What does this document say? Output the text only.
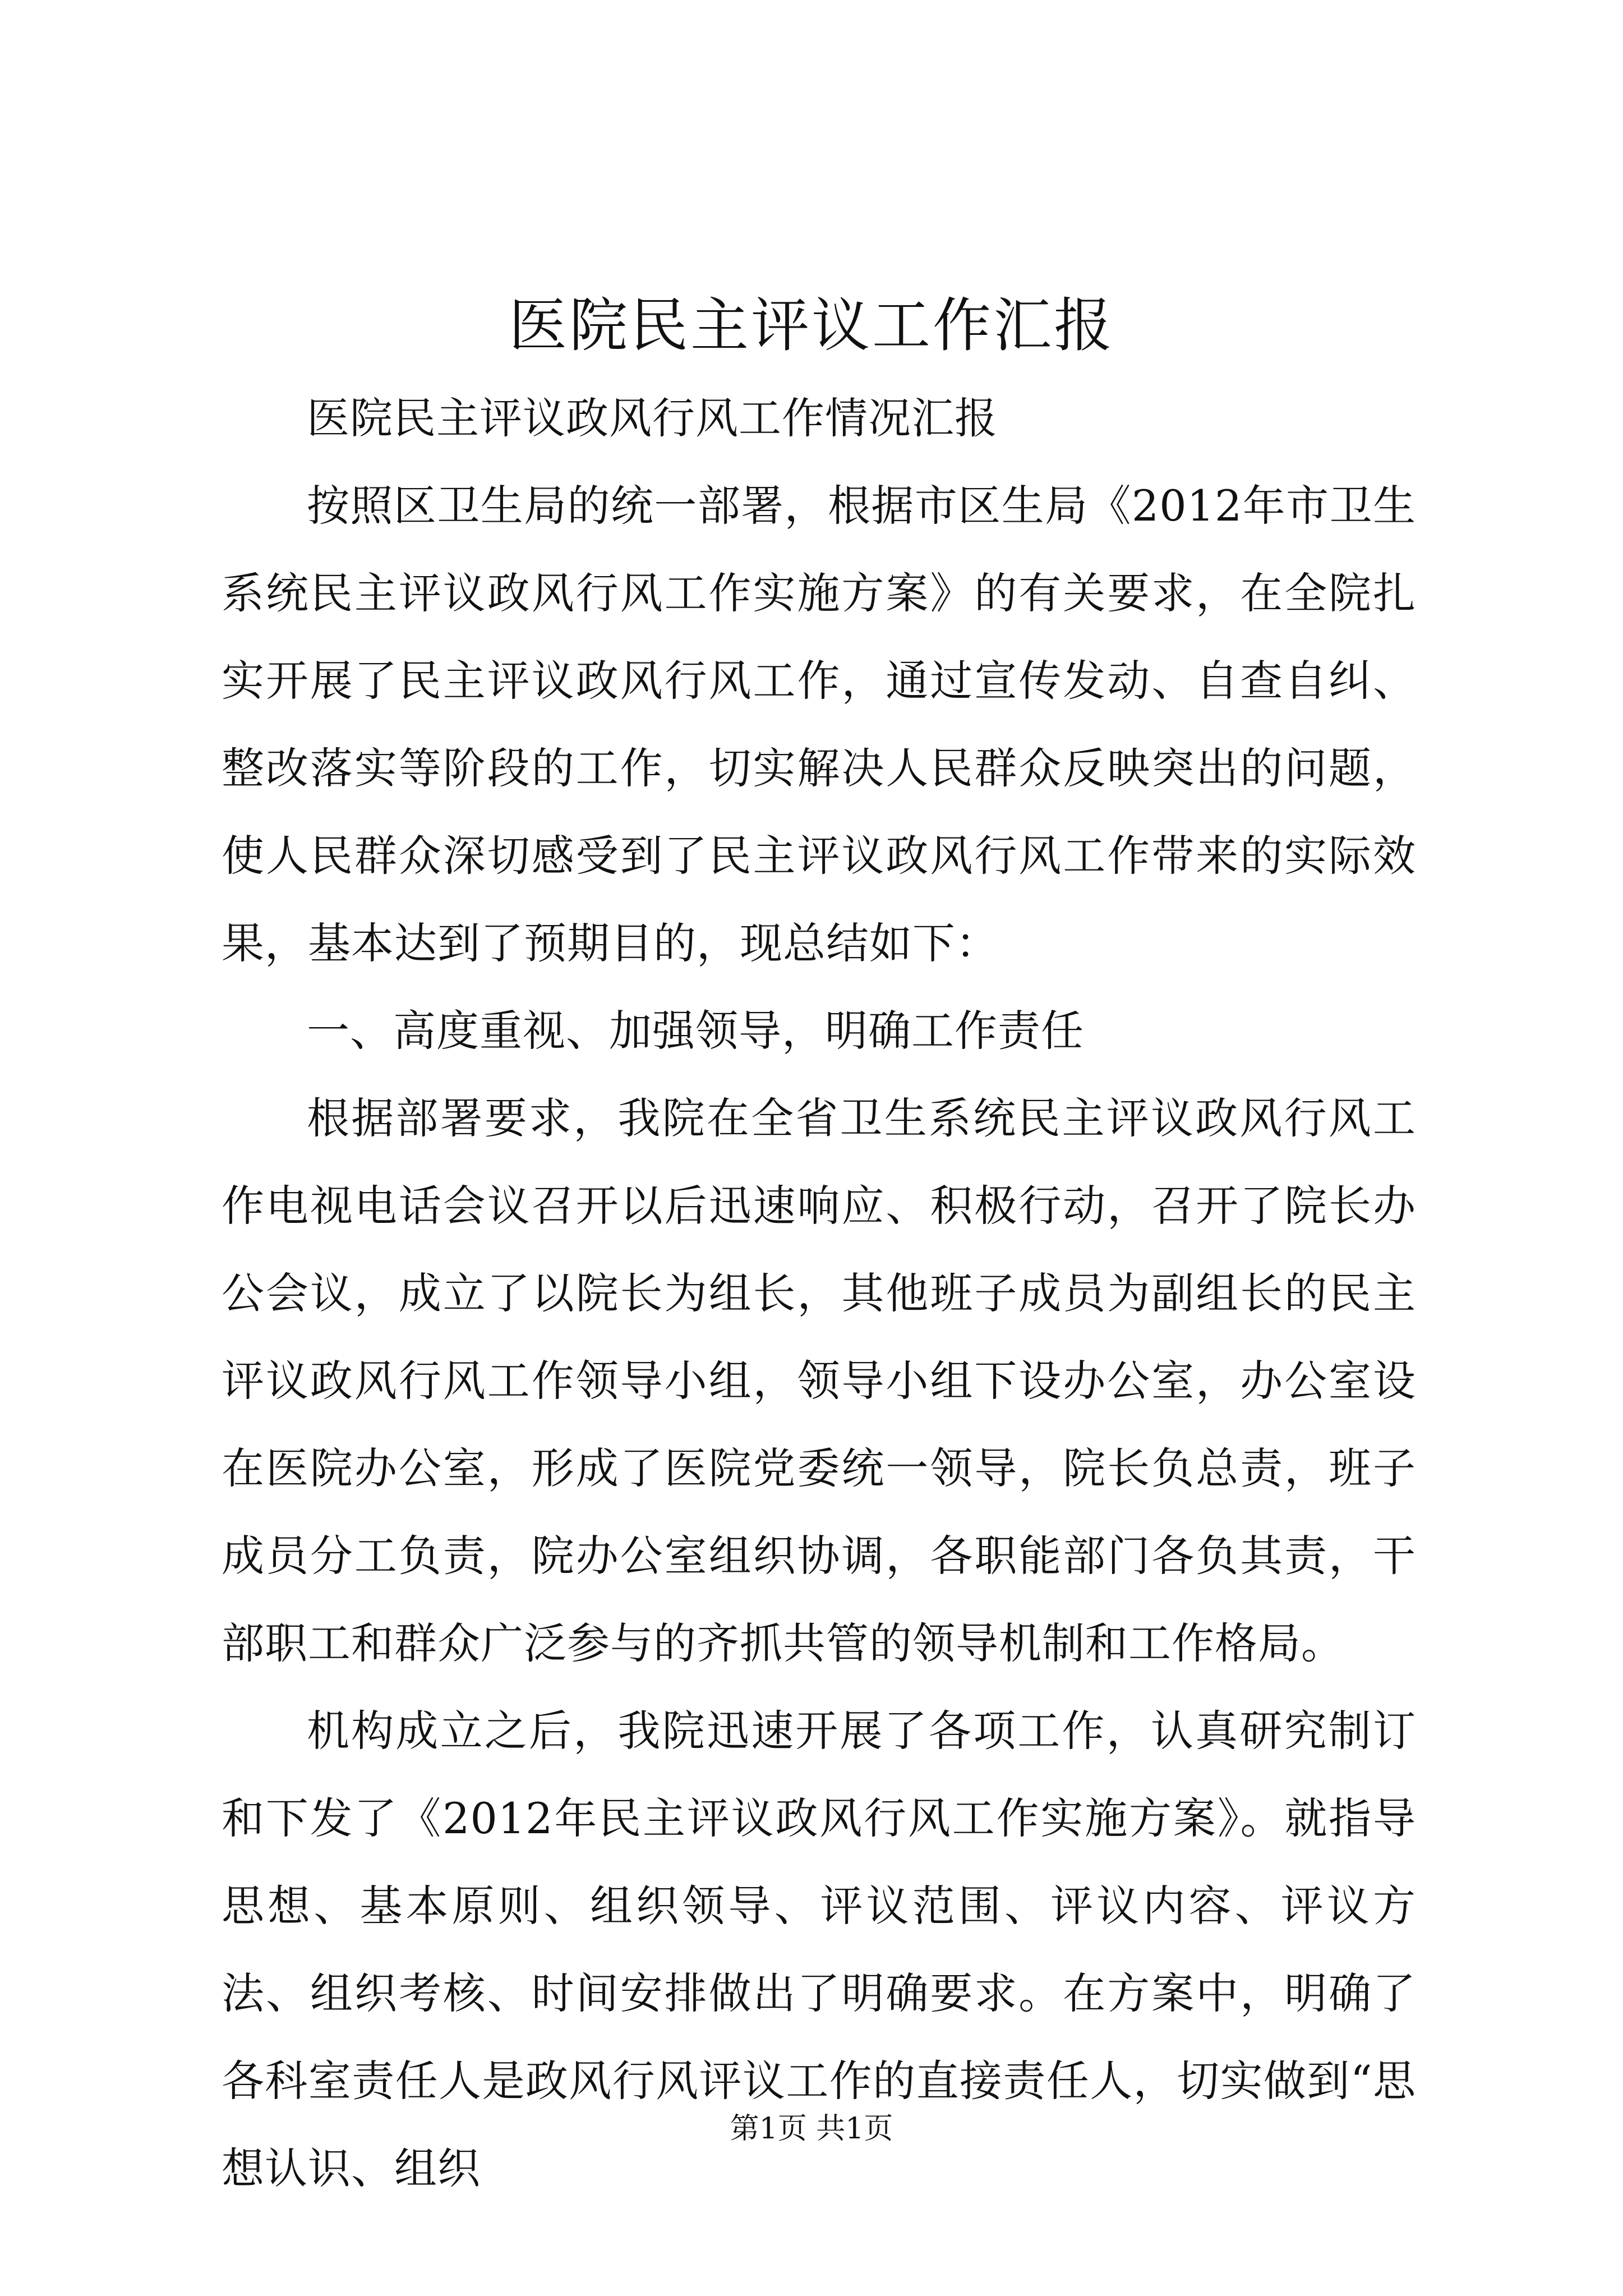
医院民主评议工作汇报

医院民主评议政风行风工作情况汇报

按照区卫生局的统一部署，根据市区生局《2012年市卫生系统民主评议政风行风工作实施方案》的有关要求，在全院扎实开展了民主评议政风行风工作，通过宣传发动、自查自纠、整改落实等阶段的工作，切实解决人民群众反映突出的问题，使人民群众深切感受到了民主评议政风行风工作带来的实际效果，基本达到了预期目的，现总结如下：

一、高度重视、加强领导，明确工作责任

根据部署要求，我院在全省卫生系统民主评议政风行风工作电视电话会议召开以后迅速响应、积极行动，召开了院长办公会议，成立了以院长为组长，其他班子成员为副组长的民主评议政风行风工作领导小组，领导小组下设办公室，办公室设在医院办公室，形成了医院党委统一领导，院长负总责，班子成员分工负责，院办公室组织协调，各职能部门各负其责，干部职工和群众广泛参与的齐抓共管的领导机制和工作格局。

机构成立之后，我院迅速开展了各项工作，认真研究制订和下发了《2012年民主评议政风行风工作实施方案》。就指导思想、基本原则、组织领导、评议范围、评议内容、评议方法、组织考核、时间安排做出了明确要求。在方案中，明确了各科室责任人是政风行风评议工作的直接责任人，切实做到“思想认识、组织

第1页 共1页
